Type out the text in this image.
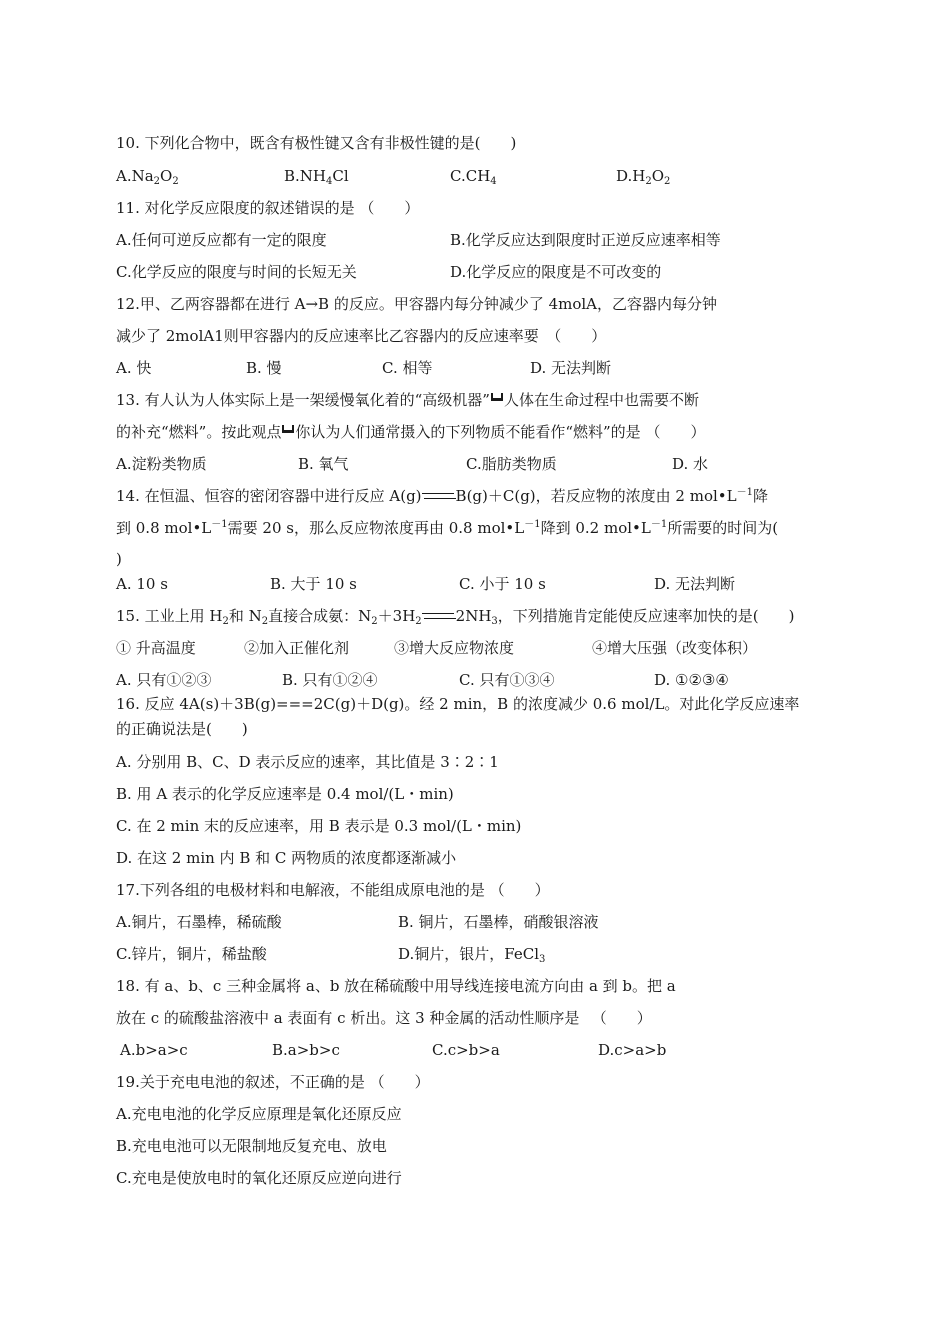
10. 下列化合物中，既含有极性键又含有非极性键的是(　　)
$A.Na_2O_2$	$B.NH_4Cl$	$C.CH_4$	$D.H_2O_2$
11. 对化学反应限度的叙述错误的是 （　　）
A.任何可逆反应都有一定的限度	B.化学反应达到限度时正逆反应速率相等
C.化学反应的限度与时间的长短无关	D.化学反应的限度是不可改变的
12.甲、乙两容器都在进行 A→B 的反应。甲容器内每分钟减少了 4molA，乙容器内每分钟
减少了 2molA1则甲容器内的反应速率比乙容器内的反应速率要　（　　）
A. 快	B. 慢	C. 相等	D. 无法判断
13. 有人认为人体实际上是一架缓慢氧化着的“高级机器” 人体在生命过程中也需要不断
的补充“燃料”。按此观点 你认为人们通常摄入的下列物质不能看作“燃料”的是 （　　）
A.淀粉类物质	B. 氧气	C.脂肪类物质	D. 水
14. 在恒温、恒容的密闭容器中进行反应 A(g) B(g)＋C(g)，若反应物的浓度由 2 $mol•L^{-1}$降
到 0.8 $mol•L^{-1}$需要 20 s，那么反应物浓度再由 0.8 $mol•L^{-1}$降到 0.2 $mol•L^{-1}$所需要的时间为(
)
A. 10 s	B. 大于 10 s	C. 小于 10 s	D. 无法判断
15. 工业上用 $H_2$和 $N_2$直接合成氨：$N_2+3H_2$ $2NH_3$，下列措施肯定能使反应速率加快的是(　　)
① 升高温度	②加入正催化剂	③增大反应物浓度	④增大压强（改变体积）
A. 只有①②③	B. 只有①②④	C. 只有①③④	D. ①②③④
16. 反应 4A(s)＋3B(g)===2C(g)＋D(g)。经 2 min，B 的浓度减少 0.6 mol/L。对此化学反应速率
的正确说法是(　　)
A. 分别用 B、C、D 表示反应的速率，其比值是 3∶2∶1
B. 用 A 表示的化学反应速率是 0.4 mol/(L・min)
C. 在 2 min 末的反应速率，用 B 表示是 0.3 mol/(L・min)
D. 在这 2 min 内 B 和 C 两物质的浓度都逐渐减小
17.下列各组的电极材料和电解液，不能组成原电池的是 （　　）
A.铜片，石墨棒，稀硫酸	B. 铜片，石墨棒，硝酸银溶液
C.锌片，铜片，稀盐酸	D.铜片，银片，FeCl$_3$
18. 有 a、b、c 三种金属将 a、b 放在稀硫酸中用导线连接电流方向由 a 到 b。把 a
放在 c 的硫酸盐溶液中 a 表面有 c 析出。这 3 种金属的活动性顺序是 　（　　）
A.b>a>c	B.a>b>c	C.c>b>a	D.c>a>b
19.关于充电电池的叙述，不正确的是 （　　）
A.充电电池的化学反应原理是氧化还原反应
B.充电电池可以无限制地反复充电、放电
C.充电是使放电时的氧化还原反应逆向进行
